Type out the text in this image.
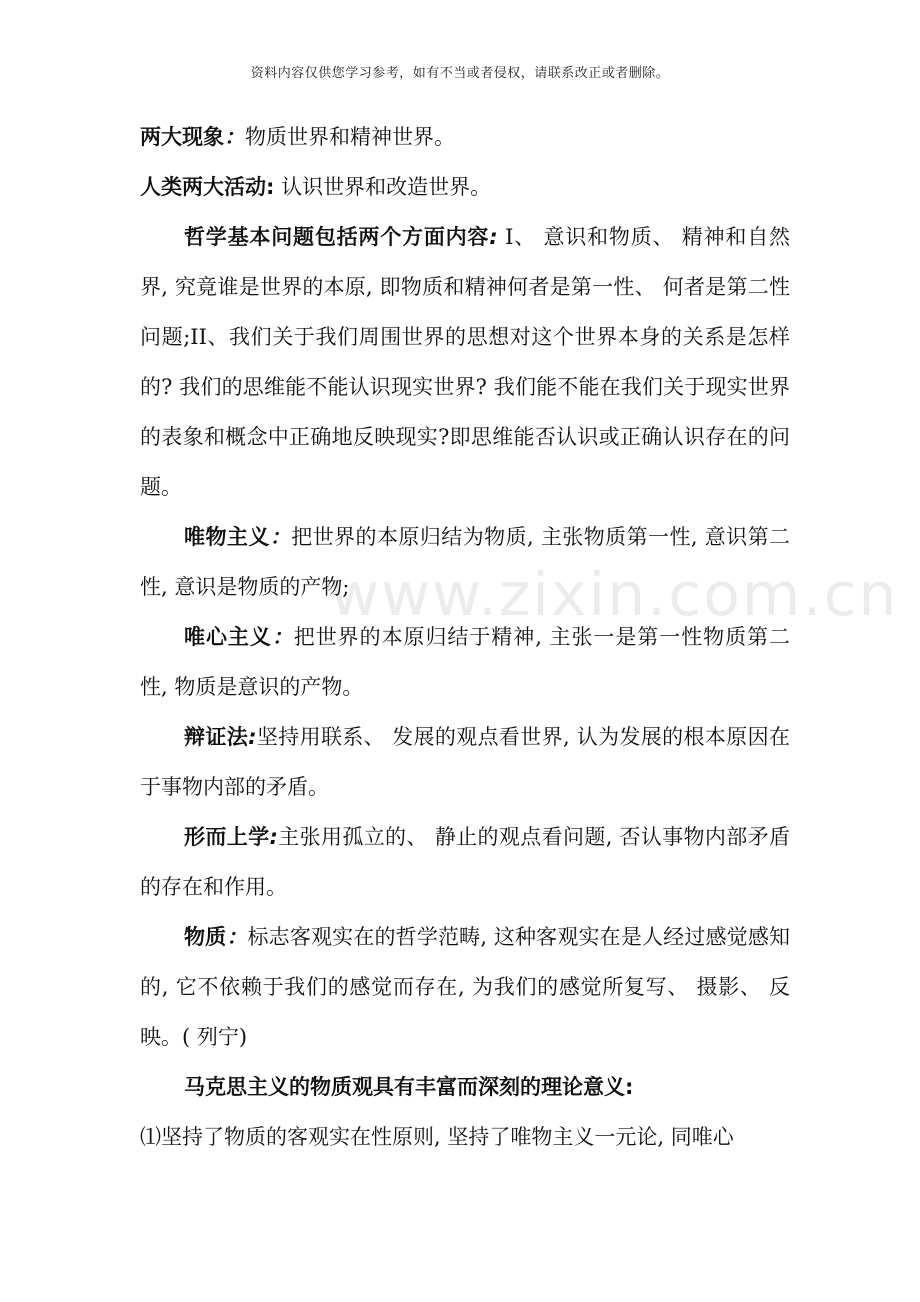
资料内容仅供您学习参考，如有不当或者侵权，请联系改正或者删除。
www.zixin.com.cn

两大现象：物质世界和精神世界。

人类两大活动: 认识世界和改造世界。

哲学基本问题包括两个方面内容: I、 意识和物质、 精神和自然界, 究竟谁是世界的本原, 即物质和精神何者是第一性、 何者是第二性问题;II、我们关于我们周围世界的思想对这个世界本身的关系是怎样的? 我们的思维能不能认识现实世界? 我们能不能在我们关于现实世界的表象和概念中正确地反映现实?即思维能否认识或正确认识存在的问题。

唯物主义：把世界的本原归结为物质, 主张物质第一性, 意识第二性, 意识是物质的产物;

唯心主义：把世界的本原归结于精神, 主张一是第一性物质第二性, 物质是意识的产物。

辩证法:坚持用联系、 发展的观点看世界, 认为发展的根本原因在于事物内部的矛盾。

形而上学:主张用孤立的、 静止的观点看问题, 否认事物内部矛盾的存在和作用。

物质：标志客观实在的哲学范畴, 这种客观实在是人经过感觉感知的, 它不依赖于我们的感觉而存在, 为我们的感觉所复写、 摄影、 反映。( 列宁)

马克思主义的物质观具有丰富而深刻的理论意义:

⑴坚持了物质的客观实在性原则, 坚持了唯物主义一元论, 同唯心
